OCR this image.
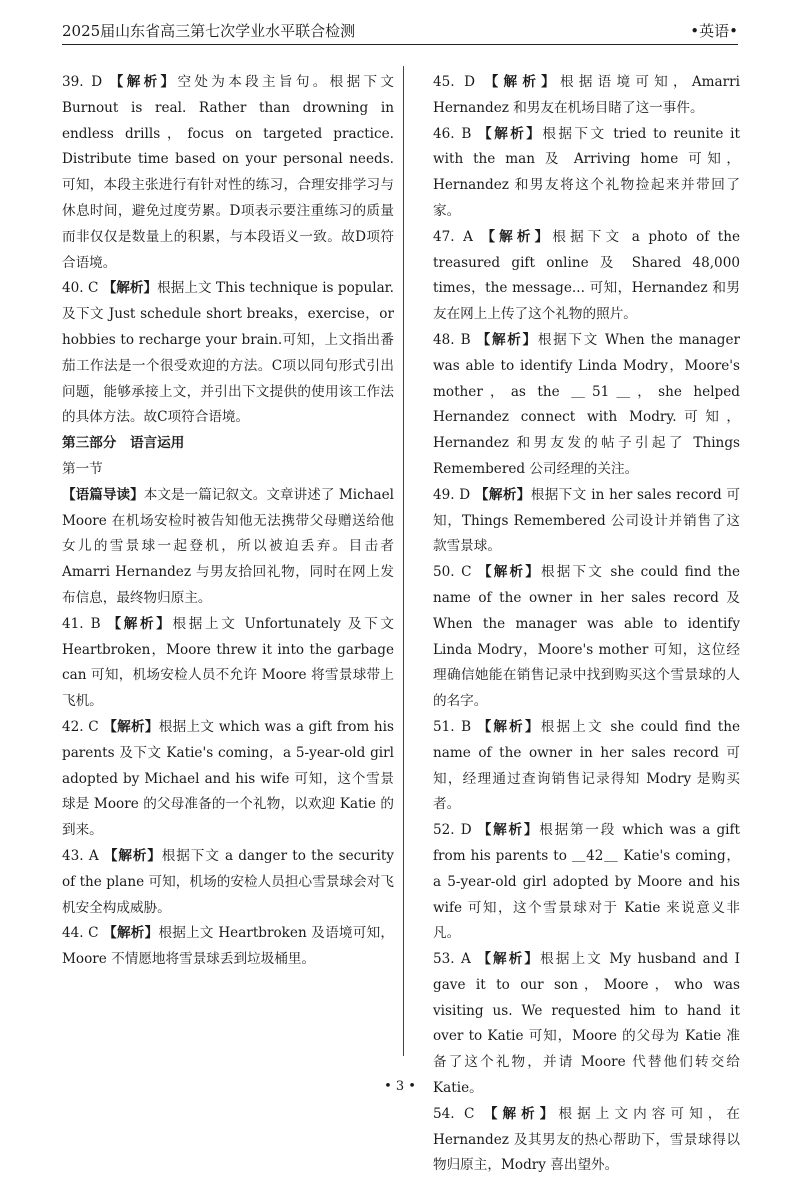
2025届山东省高三第七次学业水平联合检测	•英语•
39. D 【解析】空处为本段主旨句。根据下文 Burnout is real. Rather than drowning in endless drills，focus on targeted practice. Distribute time based on your personal needs.可知，本段主张进行有针对性的练习，合理安排学习与休息时间，避免过度劳累。D项表示要注重练习的质量而非仅仅是数量上的积累，与本段语义一致。故D项符合语境。
40. C 【解析】根据上文 This technique is popular.及下文 Just schedule short breaks，exercise，or hobbies to recharge your brain.可知，上文指出番茄工作法是一个很受欢迎的方法。C项以同句形式引出问题，能够承接上文，并引出下文提供的使用该工作法的具体方法。故C项符合语境。
第三部分　语言运用
第一节
【语篇导读】本文是一篇记叙文。文章讲述了 Michael Moore 在机场安检时被告知他无法携带父母赠送给他女儿的雪景球一起登机，所以被迫丢弃。目击者 Amarri Hernandez 与男友拾回礼物，同时在网上发布信息，最终物归原主。
41. B 【解析】根据上文 Unfortunately 及下文 Heartbroken，Moore threw it into the garbage can 可知，机场安检人员不允许 Moore 将雪景球带上飞机。
42. C 【解析】根据上文 which was a gift from his parents 及下文 Katie's coming，a 5-year-old girl adopted by Michael and his wife 可知，这个雪景球是 Moore 的父母准备的一个礼物，以欢迎 Katie 的到来。
43. A 【解析】根据下文 a danger to the security of the plane 可知，机场的安检人员担心雪景球会对飞机安全构成威胁。
44. C 【解析】根据上文 Heartbroken 及语境可知，Moore 不情愿地将雪景球丢到垃圾桶里。
45. D 【解析】根据语境可知，Amarri Hernandez 和男友在机场目睹了这一事件。
46. B 【解析】根据下文 tried to reunite it with the man 及 Arriving home 可知，Hernandez 和男友将这个礼物捡起来并带回了家。
47. A 【解析】根据下文 a photo of the treasured gift online 及 Shared 48,000 times，the message... 可知，Hernandez 和男友在网上上传了这个礼物的照片。
48. B 【解析】根据下文 When the manager was able to identify Linda Modry，Moore's mother，as the ＿51＿，she helped Hernandez connect with Modry.可知，Hernandez 和男友发的帖子引起了 Things Remembered 公司经理的关注。
49. D 【解析】根据下文 in her sales record 可知，Things Remembered 公司设计并销售了这款雪景球。
50. C 【解析】根据下文 she could find the name of the owner in her sales record 及 When the manager was able to identify Linda Modry，Moore's mother 可知，这位经理确信她能在销售记录中找到购买这个雪景球的人的名字。
51. B 【解析】根据上文 she could find the name of the owner in her sales record 可知，经理通过查询销售记录得知 Modry 是购买者。
52. D 【解析】根据第一段 which was a gift from his parents to ＿42＿ Katie's coming，a 5-year-old girl adopted by Moore and his wife 可知，这个雪景球对于 Katie 来说意义非凡。
53. A 【解析】根据上文 My husband and I gave it to our son，Moore，who was visiting us. We requested him to hand it over to Katie 可知，Moore 的父母为 Katie 准备了这个礼物，并请 Moore 代替他们转交给 Katie。
54. C 【解析】根据上文内容可知，在 Hernandez 及其男友的热心帮助下，雪景球得以物归原主，Modry 喜出望外。
• 3 •
